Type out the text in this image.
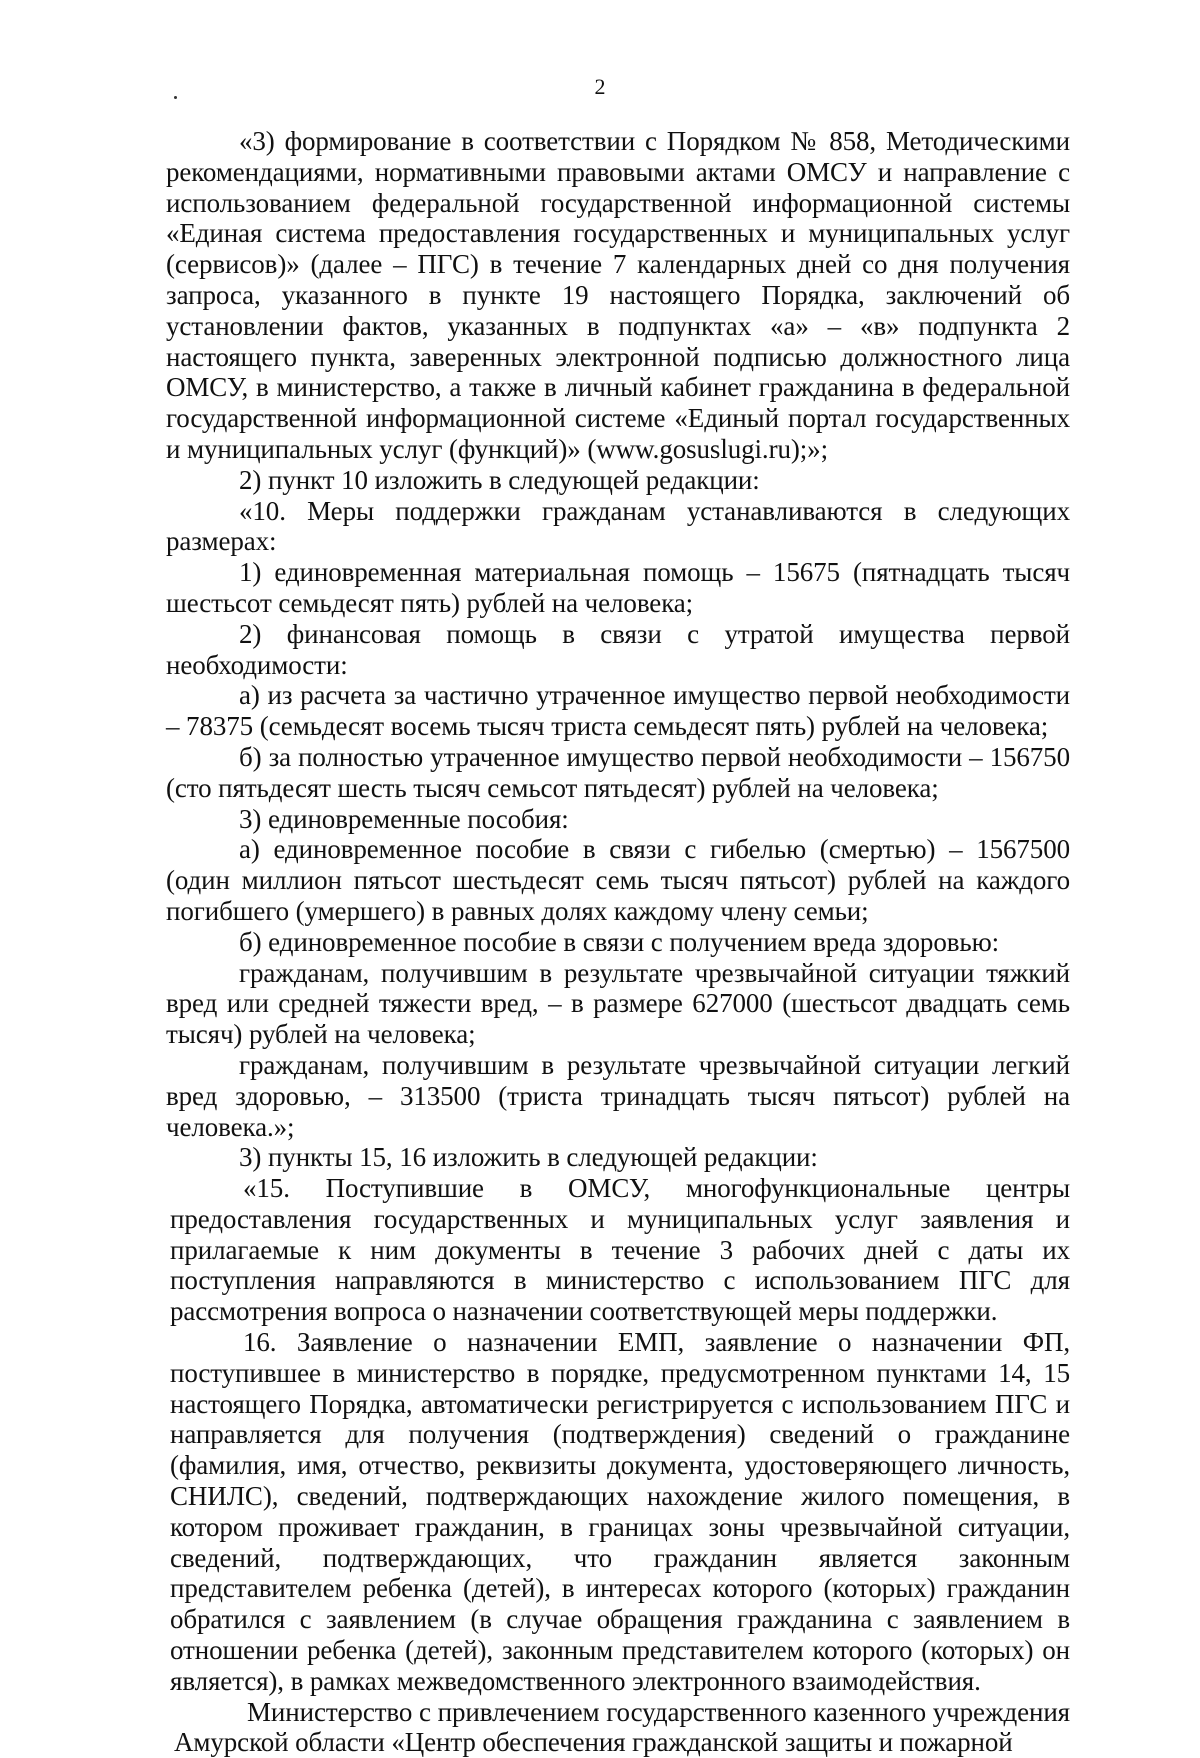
2

«3) формирование в соответствии с Порядком № 858, Методическими рекомендациями, нормативными правовыми актами ОМСУ и направление с использованием федеральной государственной информационной системы «Единая система предоставления государственных и муниципальных услуг (сервисов)» (далее – ПГС) в течение 7 календарных дней со дня получения запроса, указанного в пункте 19 настоящего Порядка, заключений об установлении фактов, указанных в подпунктах «а» – «в» подпункта 2 настоящего пункта, заверенных электронной подписью должностного лица ОМСУ, в министерство, а также в личный кабинет гражданина в федеральной государственной информационной системе «Единый портал государственных и муниципальных услуг (функций)» (www.gosuslugi.ru);»;

2) пункт 10 изложить в следующей редакции:

«10. Меры поддержки гражданам устанавливаются в следующих размерах:

1) единовременная материальная помощь – 15675 (пятнадцать тысяч шестьсот семьдесят пять) рублей на человека;

2) финансовая помощь в связи с утратой имущества первой необходимости:

а) из расчета за частично утраченное имущество первой необходимости – 78375 (семьдесят восемь тысяч триста семьдесят пять) рублей на человека;

б) за полностью утраченное имущество первой необходимости – 156750 (сто пятьдесят шесть тысяч семьсот пятьдесят) рублей на человека;

3) единовременные пособия:

а) единовременное пособие в связи с гибелью (смертью) – 1567500 (один миллион пятьсот шестьдесят семь тысяч пятьсот) рублей на каждого погибшего (умершего) в равных долях каждому члену семьи;

б) единовременное пособие в связи с получением вреда здоровью:

гражданам, получившим в результате чрезвычайной ситуации тяжкий вред или средней тяжести вред, – в размере 627000 (шестьсот двадцать семь тысяч) рублей на человека;

гражданам, получившим в результате чрезвычайной ситуации легкий вред здоровью, – 313500 (триста тринадцать тысяч пятьсот) рублей на человека.»;

3) пункты 15, 16 изложить в следующей редакции:

«15. Поступившие в ОМСУ, многофункциональные центры предоставления государственных и муниципальных услуг заявления и прилагаемые к ним документы в течение 3 рабочих дней с даты их поступления направляются в министерство с использованием ПГС для рассмотрения вопроса о назначении соответствующей меры поддержки.

16. Заявление о назначении ЕМП, заявление о назначении ФП, поступившее в министерство в порядке, предусмотренном пунктами 14, 15 настоящего Порядка, автоматически регистрируется с использованием ПГС и направляется для получения (подтверждения) сведений о гражданине (фамилия, имя, отчество, реквизиты документа, удостоверяющего личность, СНИЛС), сведений, подтверждающих нахождение жилого помещения, в котором проживает гражданин, в границах зоны чрезвычайной ситуации, сведений, подтверждающих, что гражданин является законным представителем ребенка (детей), в интересах которого (которых) гражданин обратился с заявлением (в случае обращения гражданина с заявлением в отношении ребенка (детей), законным представителем которого (которых) он является), в рамках межведомственного электронного взаимодействия.

Министерство с привлечением государственного казенного учреждения Амурской области «Центр обеспечения гражданской защиты и пожарной
